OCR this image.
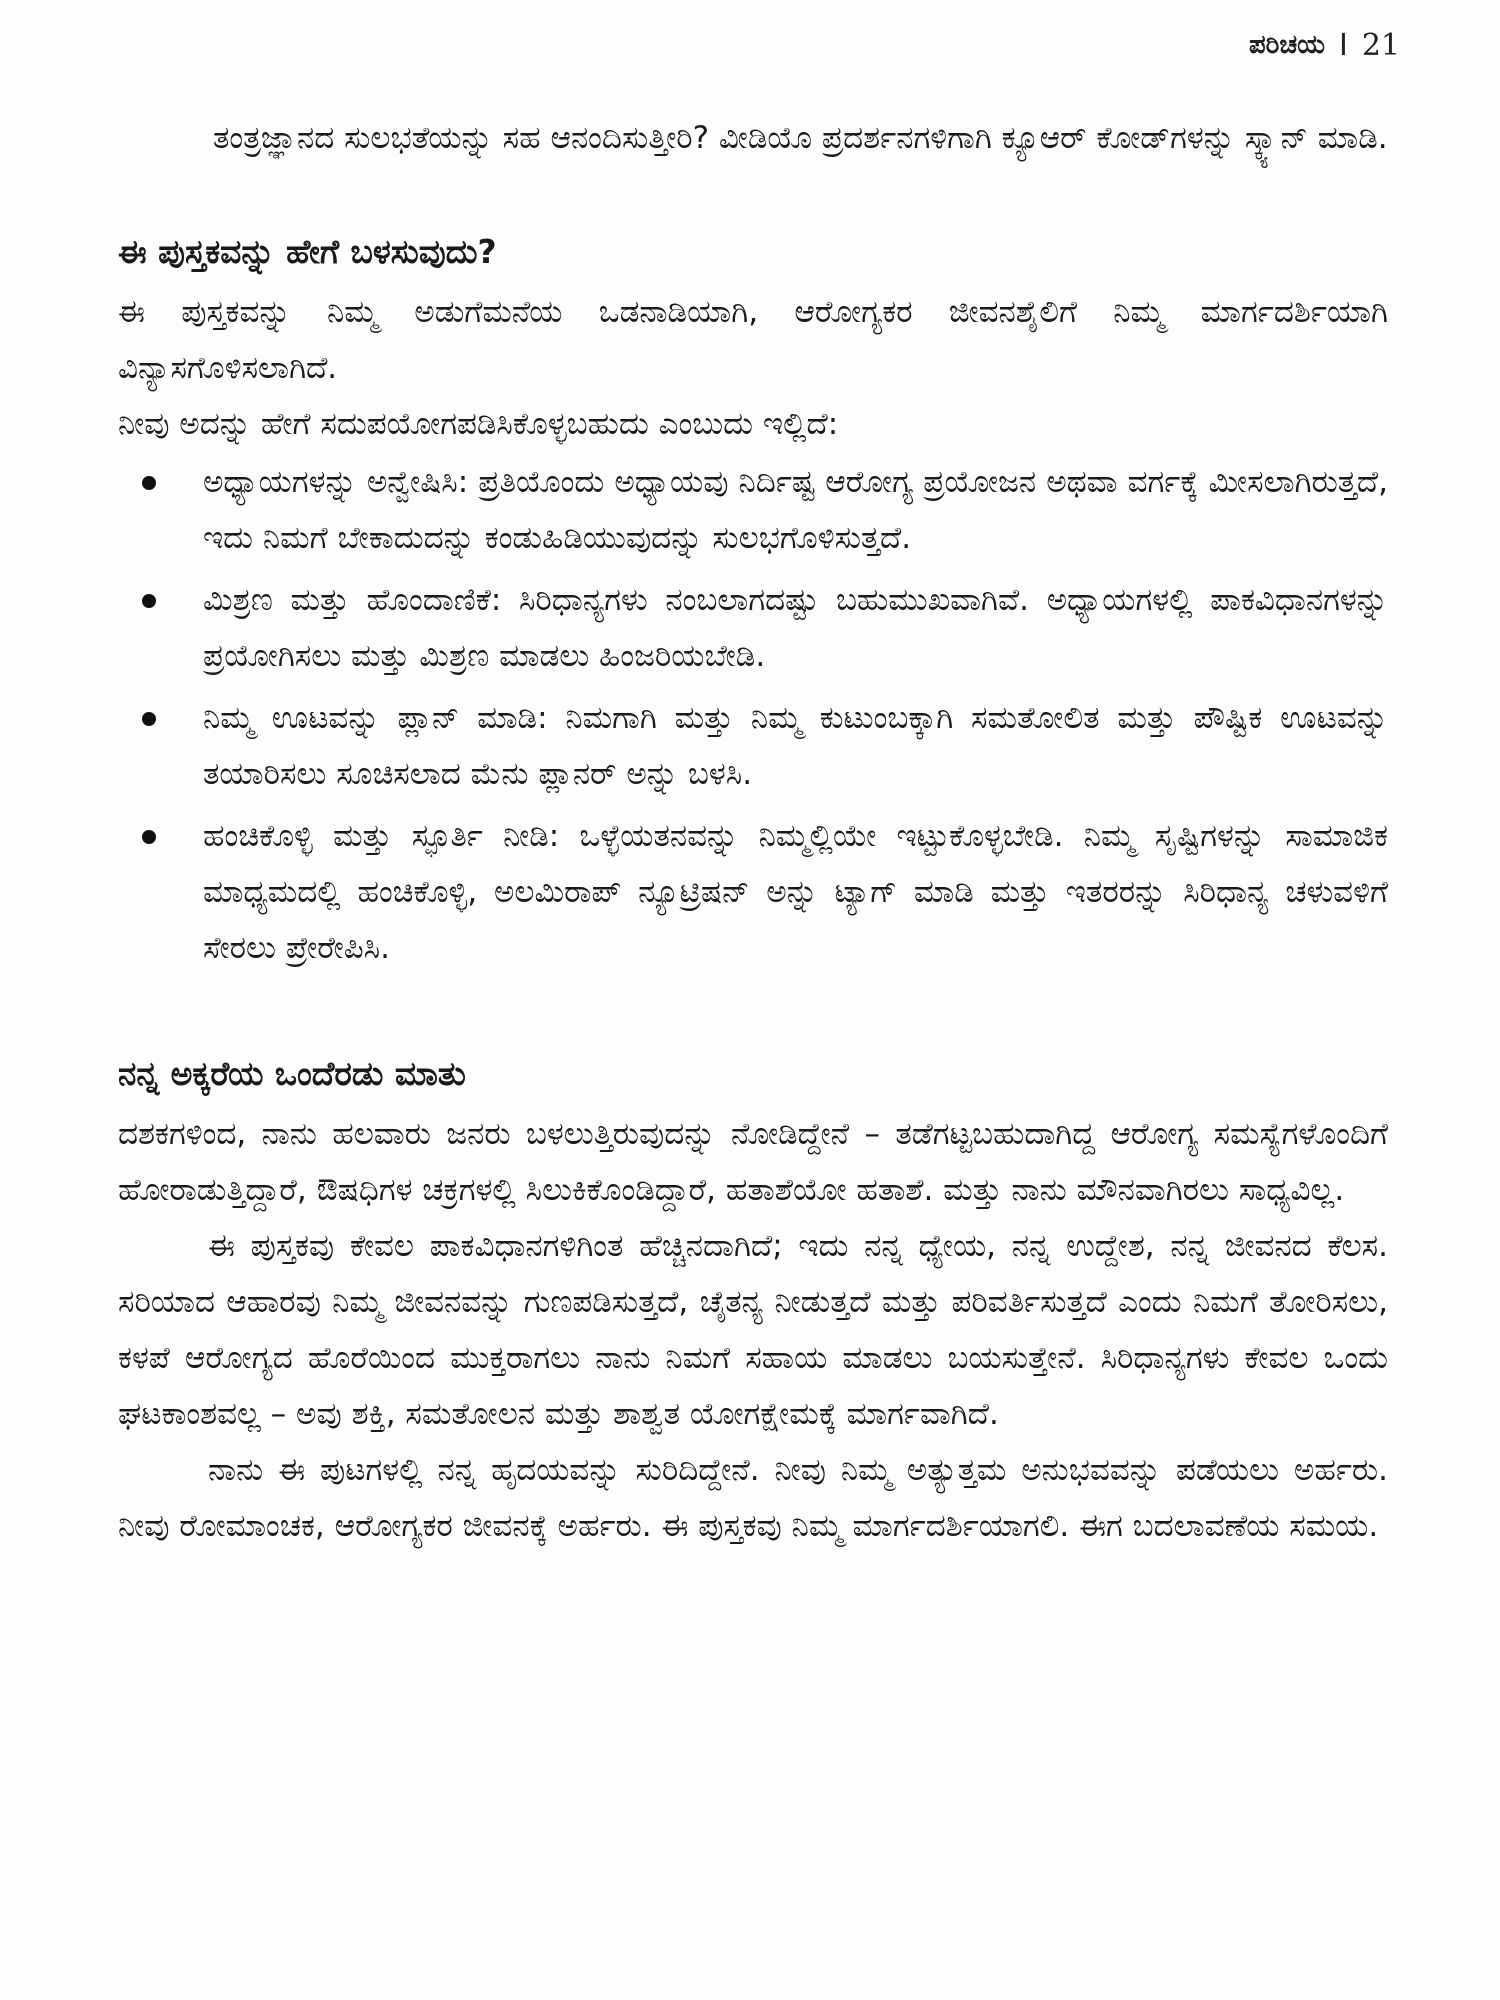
ಪರಿಚಯ I 21

ತಂತ್ರಜ್ಞಾನದ ಸುಲಭತೆಯನ್ನು ಸಹ ಆನಂದಿಸುತ್ತೀರಿ? ವೀಡಿಯೊ ಪ್ರದರ್ಶನಗಳಿಗಾಗಿ ಕ್ಯೂಆರ್ ಕೋಡ್‌ಗಳನ್ನು ಸ್ಕ್ಯಾನ್ ಮಾಡಿ.

ಈ ಪುಸ್ತಕವನ್ನು ಹೇಗೆ ಬಳಸುವುದು?

ಈ ಪುಸ್ತಕವನ್ನು ನಿಮ್ಮ ಅಡುಗೆಮನೆಯ ಒಡನಾಡಿಯಾಗಿ, ಆರೋಗ್ಯಕರ ಜೀವನಶೈಲಿಗೆ ನಿಮ್ಮ ಮಾರ್ಗದರ್ಶಿಯಾಗಿ ವಿನ್ಯಾಸಗೊಳಿಸಲಾಗಿದೆ.

ನೀವು ಅದನ್ನು ಹೇಗೆ ಸದುಪಯೋಗಪಡಿಸಿಕೊಳ್ಳಬಹುದು ಎಂಬುದು ಇಲ್ಲಿದೆ:

ಅಧ್ಯಾಯಗಳನ್ನು ಅನ್ವೇಷಿಸಿ: ಪ್ರತಿಯೊಂದು ಅಧ್ಯಾಯವು ನಿರ್ದಿಷ್ಟ ಆರೋಗ್ಯ ಪ್ರಯೋಜನ ಅಥವಾ ವರ್ಗಕ್ಕೆ ಮೀಸಲಾಗಿರುತ್ತದೆ, ಇದು ನಿಮಗೆ ಬೇಕಾದುದನ್ನು ಕಂಡುಹಿಡಿಯುವುದನ್ನು ಸುಲಭಗೊಳಿಸುತ್ತದೆ.

ಮಿಶ್ರಣ ಮತ್ತು ಹೊಂದಾಣಿಕೆ: ಸಿರಿಧಾನ್ಯಗಳು ನಂಬಲಾಗದಷ್ಟು ಬಹುಮುಖವಾಗಿವೆ. ಅಧ್ಯಾಯಗಳಲ್ಲಿ ಪಾಕವಿಧಾನಗಳನ್ನು ಪ್ರಯೋಗಿಸಲು ಮತ್ತು ಮಿಶ್ರಣ ಮಾಡಲು ಹಿಂಜರಿಯಬೇಡಿ.

ನಿಮ್ಮ ಊಟವನ್ನು ಪ್ಲಾನ್ ಮಾಡಿ: ನಿಮಗಾಗಿ ಮತ್ತು ನಿಮ್ಮ ಕುಟುಂಬಕ್ಕಾಗಿ ಸಮತೋಲಿತ ಮತ್ತು ಪೌಷ್ಟಿಕ ಊಟವನ್ನು ತಯಾರಿಸಲು ಸೂಚಿಸಲಾದ ಮೆನು ಪ್ಲಾನರ್ ಅನ್ನು ಬಳಸಿ.

ಹಂಚಿಕೊಳ್ಳಿ ಮತ್ತು ಸ್ಫೂರ್ತಿ ನೀಡಿ: ಒಳ್ಳೆಯತನವನ್ನು ನಿಮ್ಮಲ್ಲಿಯೇ ಇಟ್ಟುಕೊಳ್ಳಬೇಡಿ. ನಿಮ್ಮ ಸೃಷ್ಟಿಗಳನ್ನು ಸಾಮಾಜಿಕ ಮಾಧ್ಯಮದಲ್ಲಿ ಹಂಚಿಕೊಳ್ಳಿ, ಅಲಮಿರಾಪ್ ನ್ಯೂಟ್ರಿಷನ್ ಅನ್ನು ಟ್ಯಾಗ್ ಮಾಡಿ ಮತ್ತು ಇತರರನ್ನು ಸಿರಿಧಾನ್ಯ ಚಳುವಳಿಗೆ ಸೇರಲು ಪ್ರೇರೇಪಿಸಿ.

ನನ್ನ ಅಕ್ಕರೆಯ ಒಂದೆರಡು ಮಾತು

ದಶಕಗಳಿಂದ, ನಾನು ಹಲವಾರು ಜನರು ಬಳಲುತ್ತಿರುವುದನ್ನು ನೋಡಿದ್ದೇನೆ – ತಡೆಗಟ್ಟಬಹುದಾಗಿದ್ದ ಆರೋಗ್ಯ ಸಮಸ್ಯೆಗಳೊಂದಿಗೆ ಹೋರಾಡುತ್ತಿದ್ದಾರೆ, ಔಷಧಿಗಳ ಚಕ್ರಗಳಲ್ಲಿ ಸಿಲುಕಿಕೊಂಡಿದ್ದಾರೆ, ಹತಾಶೆಯೋ ಹತಾಶೆ. ಮತ್ತು ನಾನು ಮೌನವಾಗಿರಲು ಸಾಧ್ಯವಿಲ್ಲ.

ಈ ಪುಸ್ತಕವು ಕೇವಲ ಪಾಕವಿಧಾನಗಳಿಗಿಂತ ಹೆಚ್ಚಿನದಾಗಿದೆ; ಇದು ನನ್ನ ಧ್ಯೇಯ, ನನ್ನ ಉದ್ದೇಶ, ನನ್ನ ಜೀವನದ ಕೆಲಸ. ಸರಿಯಾದ ಆಹಾರವು ನಿಮ್ಮ ಜೀವನವನ್ನು ಗುಣಪಡಿಸುತ್ತದೆ, ಚೈತನ್ಯ ನೀಡುತ್ತದೆ ಮತ್ತು ಪರಿವರ್ತಿಸುತ್ತದೆ ಎಂದು ನಿಮಗೆ ತೋರಿಸಲು, ಕಳಪೆ ಆರೋಗ್ಯದ ಹೊರೆಯಿಂದ ಮುಕ್ತರಾಗಲು ನಾನು ನಿಮಗೆ ಸಹಾಯ ಮಾಡಲು ಬಯಸುತ್ತೇನೆ. ಸಿರಿಧಾನ್ಯಗಳು ಕೇವಲ ಒಂದು ಘಟಕಾಂಶವಲ್ಲ – ಅವು ಶಕ್ತಿ, ಸಮತೋಲನ ಮತ್ತು ಶಾಶ್ವತ ಯೋಗಕ್ಷೇಮಕ್ಕೆ ಮಾರ್ಗವಾಗಿದೆ.

ನಾನು ಈ ಪುಟಗಳಲ್ಲಿ ನನ್ನ ಹೃದಯವನ್ನು ಸುರಿದಿದ್ದೇನೆ. ನೀವು ನಿಮ್ಮ ಅತ್ಯುತ್ತಮ ಅನುಭವವನ್ನು ಪಡೆಯಲು ಅರ್ಹರು. ನೀವು ರೋಮಾಂಚಕ, ಆರೋಗ್ಯಕರ ಜೀವನಕ್ಕೆ ಅರ್ಹರು. ಈ ಪುಸ್ತಕವು ನಿಮ್ಮ ಮಾರ್ಗದರ್ಶಿಯಾಗಲಿ. ಈಗ ಬದಲಾವಣೆಯ ಸಮಯ.
